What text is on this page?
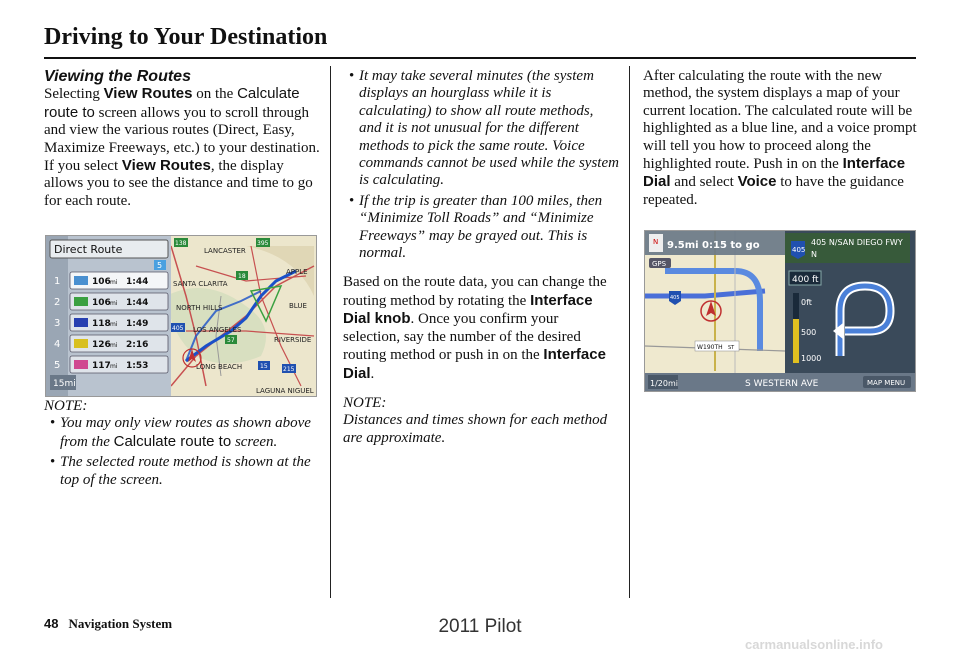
Driving to Your Destination

Viewing the Routes

Selecting View Routes on the Calculate route to screen allows you to scroll through and view the various routes (Direct, Easy, Maximize Freeways, etc.) to your destination. If you select View Routes, the display allows you to see the distance and time to go for each route.

Direct Route
5
1	106 mi 1:44
2	106 mi 1:44
3	118 mi 1:49
4	126 mi 2:16
5	117 mi 1:53
15mi
LANCASTER
APPLE
SANTA CLARITA
NORTH HILLS	BLUE
LOS ANGELES
RIVERSIDE
LONG BEACH
LAGUNA NIGUEL
138	395
18
405
57
15	215

NOTE:

• You may only view routes as shown above from the Calculate route to screen.
• The selected route method is shown at the top of the screen.
• It may take several minutes (the system displays an hourglass while it is calculating) to show all route methods, and it is not unusual for the different methods to pick the same route. Voice commands cannot be used while the system is calculating.
• If the trip is greater than 100 miles, then “Minimize Toll Roads” and “Minimize Freeways” may be grayed out. This is normal.

Based on the route data, you can change the routing method by rotating the Interface Dial knob. Once you confirm your selection, say the number of the desired routing method or push in on the Interface Dial.

NOTE:

Distances and times shown for each method are approximate.

After calculating the route with the new method, the system displays a map of your current location. The calculated route will be highlighted as a blue line, and a voice prompt will tell you how to proceed along the highlighted route. Push in on the Interface Dial and select Voice to have the guidance repeated.

405
405 N/SAN DIEGO FWY
N
400 ft
0ft
500
1000
N 9.5mi 0:15 to go
GPS
405
W 190TH ST
1/20mi	S WESTERN AVE	MAP MENU
48 Navigation System	2011 Pilot
carmanualsonline.info
